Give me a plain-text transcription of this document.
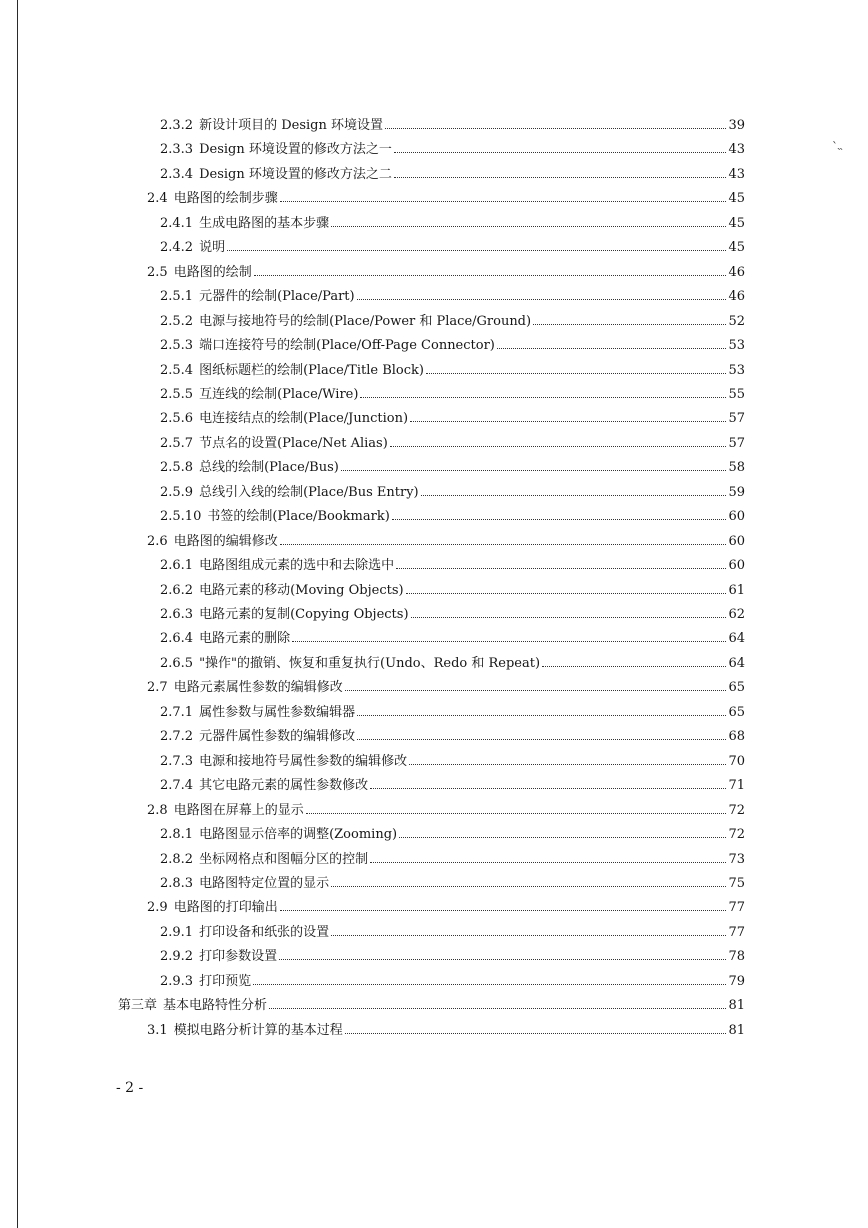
ˋ˵
2.3.2 新设计项目的 Design 环境设置	39
2.3.3 Design 环境设置的修改方法之一	43
2.3.4 Design 环境设置的修改方法之二	43
2.4 电路图的绘制步骤	45
2.4.1 生成电路图的基本步骤	45
2.4.2 说明	45
2.5 电路图的绘制	46
2.5.1 元器件的绘制(Place/Part)	46
2.5.2 电源与接地符号的绘制(Place/Power 和 Place/Ground)	52
2.5.3 端口连接符号的绘制(Place/Off-Page Connector)	53
2.5.4 图纸标题栏的绘制(Place/Title Block)	53
2.5.5 互连线的绘制(Place/Wire)	55
2.5.6 电连接结点的绘制(Place/Junction)	57
2.5.7 节点名的设置(Place/Net Alias)	57
2.5.8 总线的绘制(Place/Bus)	58
2.5.9 总线引入线的绘制(Place/Bus Entry)	59
2.5.10 书签的绘制(Place/Bookmark)	60
2.6 电路图的编辑修改	60
2.6.1 电路图组成元素的选中和去除选中	60
2.6.2 电路元素的移动(Moving Objects)	61
2.6.3 电路元素的复制(Copying Objects)	62
2.6.4 电路元素的删除	64
2.6.5 "操作"的撤销、恢复和重复执行(Undo、Redo 和 Repeat)	64
2.7 电路元素属性参数的编辑修改	65
2.7.1 属性参数与属性参数编辑器	65
2.7.2 元器件属性参数的编辑修改	68
2.7.3 电源和接地符号属性参数的编辑修改	70
2.7.4 其它电路元素的属性参数修改	71
2.8 电路图在屏幕上的显示	72
2.8.1 电路图显示倍率的调整(Zooming)	72
2.8.2 坐标网格点和图幅分区的控制	73
2.8.3 电路图特定位置的显示	75
2.9 电路图的打印输出	77
2.9.1 打印设备和纸张的设置	77
2.9.2 打印参数设置	78
2.9.3 打印预览	79
第三章 基本电路特性分析	81
3.1 模拟电路分析计算的基本过程	81
- 2 -
